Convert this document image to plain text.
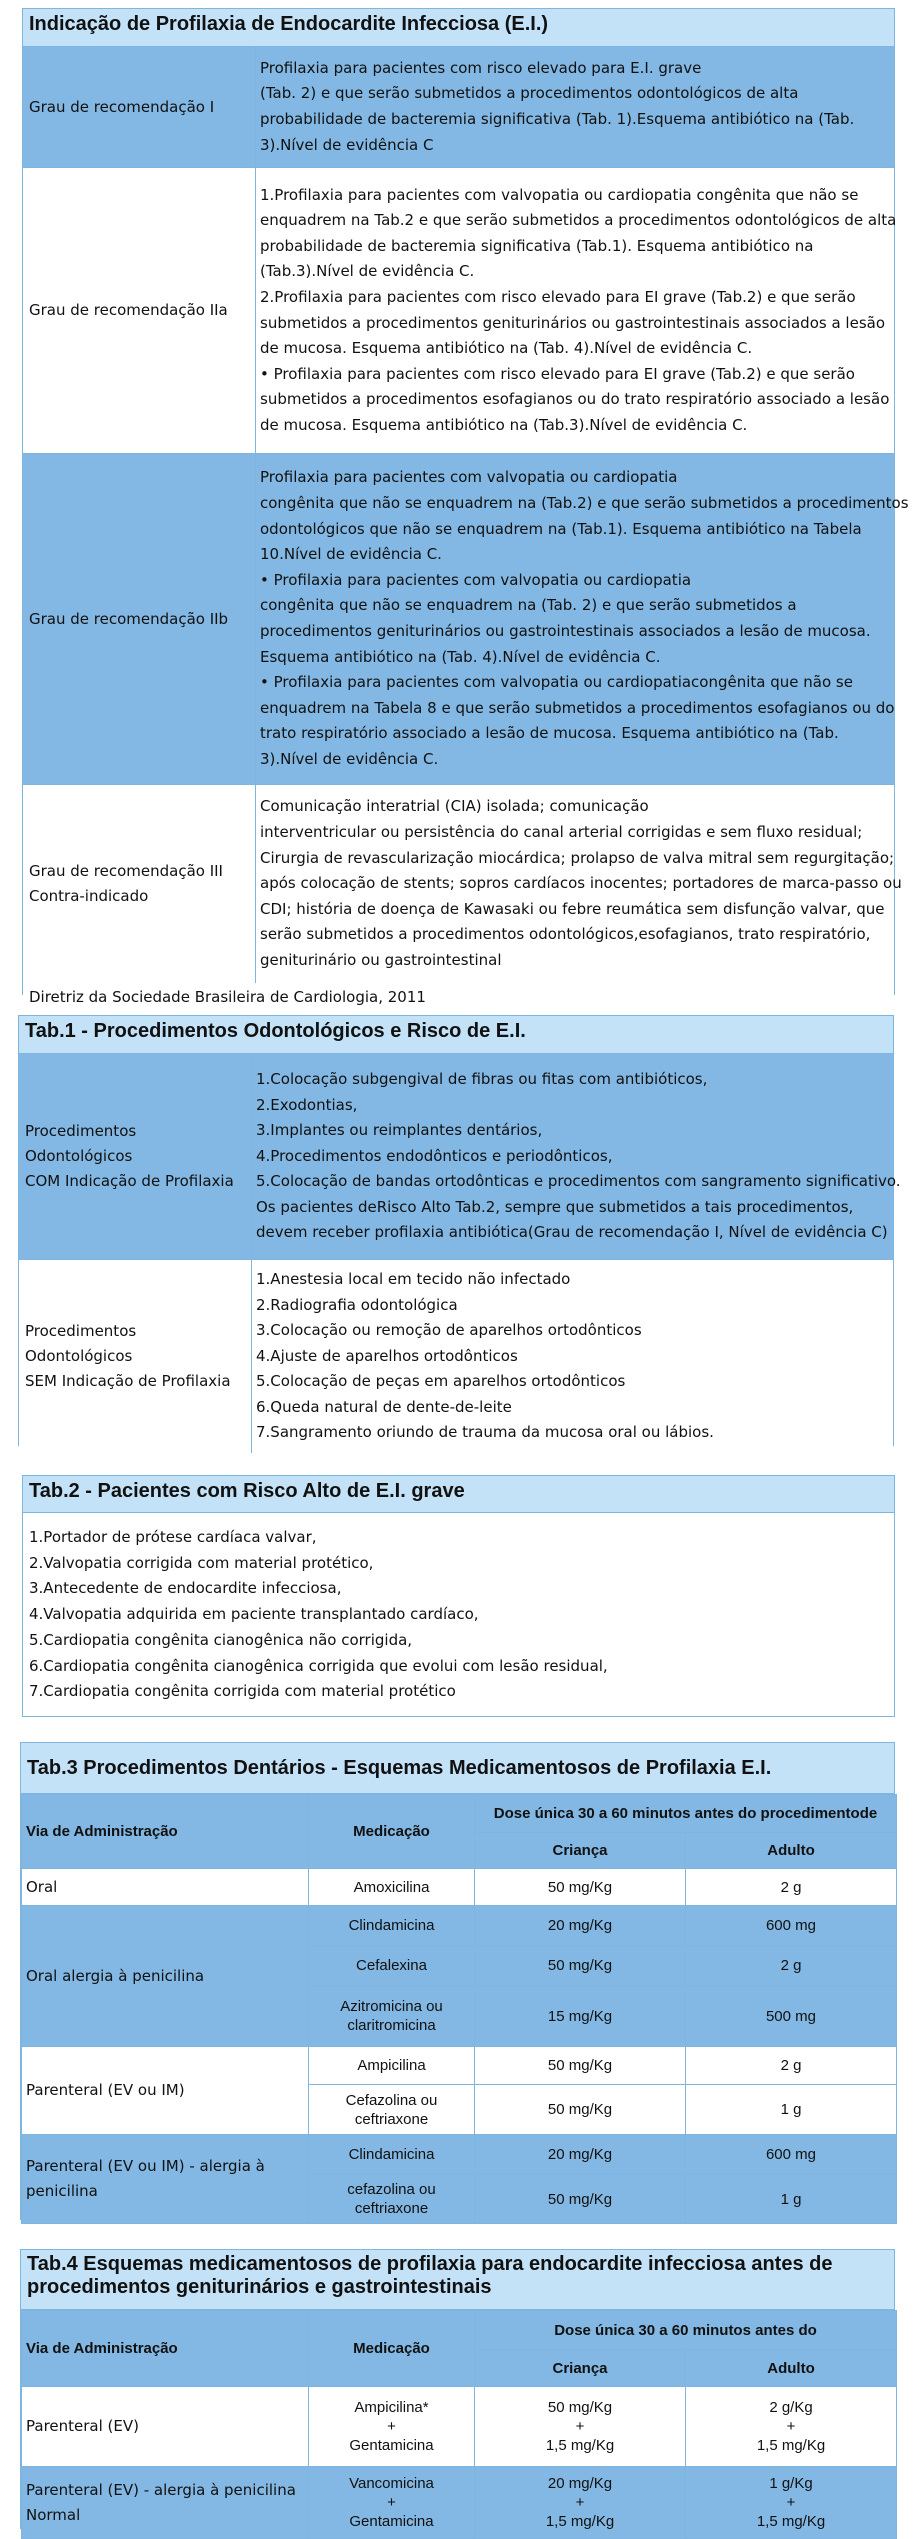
Indicação de Profilaxia de Endocardite Infecciosa (E.I.)
Grau de recomendação I
Profilaxia para pacientes com risco elevado para E.I. grave
(Tab. 2) e que serão submetidos a procedimentos odontológicos de alta
probabilidade de bacteremia significativa (Tab. 1).Esquema antibiótico na (Tab.
3).Nível de evidência C
Grau de recomendação IIa
1.Profilaxia para pacientes com valvopatia ou cardiopatia congênita que não se
enquadrem na Tab.2 e que serão submetidos a procedimentos odontológicos de alta
probabilidade de bacteremia significativa (Tab.1). Esquema antibiótico na
(Tab.3).Nível de evidência C.
2.Profilaxia para pacientes com risco elevado para EI grave (Tab.2) e que serão
submetidos a procedimentos geniturinários ou gastrointestinais associados a lesão
de mucosa. Esquema antibiótico na (Tab. 4).Nível de evidência C.
• Profilaxia para pacientes com risco elevado para EI grave (Tab.2) e que serão
submetidos a procedimentos esofagianos ou do trato respiratório associado a lesão
de mucosa. Esquema antibiótico na (Tab.3).Nível de evidência C.
Grau de recomendação IIb
Profilaxia para pacientes com valvopatia ou cardiopatia
congênita que não se enquadrem na (Tab.2) e que serão submetidos a procedimentos
odontológicos que não se enquadrem na (Tab.1). Esquema antibiótico na Tabela
10.Nível de evidência C.
• Profilaxia para pacientes com valvopatia ou cardiopatia
congênita que não se enquadrem na (Tab. 2) e que serão submetidos a
procedimentos geniturinários ou gastrointestinais associados a lesão de mucosa.
Esquema antibiótico na (Tab. 4).Nível de evidência C.
• Profilaxia para pacientes com valvopatia ou cardiopatiacongênita que não se
enquadrem na Tabela 8 e que serão submetidos a procedimentos esofagianos ou do
trato respiratório associado a lesão de mucosa. Esquema antibiótico na (Tab.
3).Nível de evidência C.
Grau de recomendação III
Contra-indicado
Comunicação interatrial (CIA) isolada; comunicação
interventricular ou persistência do canal arterial corrigidas e sem fluxo residual;
Cirurgia de revascularização miocárdica; prolapso de valva mitral sem regurgitação;
após colocação de stents; sopros cardíacos inocentes; portadores de marca-passo ou
CDI; história de doença de Kawasaki ou febre reumática sem disfunção valvar, que
serão submetidos a procedimentos odontológicos,esofagianos, trato respiratório,
geniturinário ou gastrointestinal
Diretriz da Sociedade Brasileira de Cardiologia, 2011
Tab.1 - Procedimentos Odontológicos e Risco de E.I.
Procedimentos Odontológicos
COM Indicação de Profilaxia
1.Colocação subgengival de fibras ou fitas com antibióticos,
2.Exodontias,
3.Implantes ou reimplantes dentários,
4.Procedimentos endodônticos e periodônticos,
5.Colocação de bandas ortodônticas e procedimentos com sangramento significativo.
Os pacientes deRisco Alto Tab.2, sempre que submetidos a tais procedimentos,
devem receber profilaxia antibiótica(Grau de recomendação I, Nível de evidência C)
Procedimentos Odontológicos
SEM Indicação de Profilaxia
1.Anestesia local em tecido não infectado
2.Radiografia odontológica
3.Colocação ou remoção de aparelhos ortodônticos
4.Ajuste de aparelhos ortodônticos
5.Colocação de peças em aparelhos ortodônticos
6.Queda natural de dente-de-leite
7.Sangramento oriundo de trauma da mucosa oral ou lábios.
Tab.2 - Pacientes com Risco Alto de E.I. grave
1.Portador de prótese cardíaca valvar,
2.Valvopatia corrigida com material protético,
3.Antecedente de endocardite infecciosa,
4.Valvopatia adquirida em paciente transplantado cardíaco,
5.Cardiopatia congênita cianogênica não corrigida,
6.Cardiopatia congênita cianogênica corrigida que evolui com lesão residual,
7.Cardiopatia congênita corrigida com material protético
Tab.3 Procedimentos Dentários - Esquemas Medicamentosos de Profilaxia E.I.
Via de Administração	Medicação	Dose única 30 a 60 minutos antes do procedimentode	
		Criança	Adulto
Oral	Amoxicilina	50 mg/Kg	2 g

Oral alergia à penicilina	Clindamicina	20 mg/Kg	600 mg

	Cefalexina	50 mg/Kg	2 g

	Azitromicina ou
claritromicina	15 mg/Kg	500 mg

Parenteral (EV ou IM)	Ampicilina	50 mg/Kg	2 g

	Cefazolina ou
ceftriaxone	50 mg/Kg	1 g

Parenteral (EV ou IM) - alergia à penicilina	Clindamicina	20 mg/Kg	600 mg

	cefazolina ou
ceftriaxone	50 mg/Kg	1 g
Tab.4 Esquemas medicamentosos de profilaxia para endocardite infecciosa antes de procedimentos geniturinários e gastrointestinais
Via de Administração	Medicação	Dose única 30 a 60 minutos antes do	
		Criança	Adulto
Parenteral (EV)	Ampicilina*
+
Gentamicina	50 mg/Kg
+
1,5 mg/Kg	2 g/Kg
+
1,5 mg/Kg

Parenteral (EV) - alergia à penicilina Normal	Vancomicina
+
Gentamicina	20 mg/Kg
+
1,5 mg/Kg	1 g/Kg
+
1,5 mg/Kg
